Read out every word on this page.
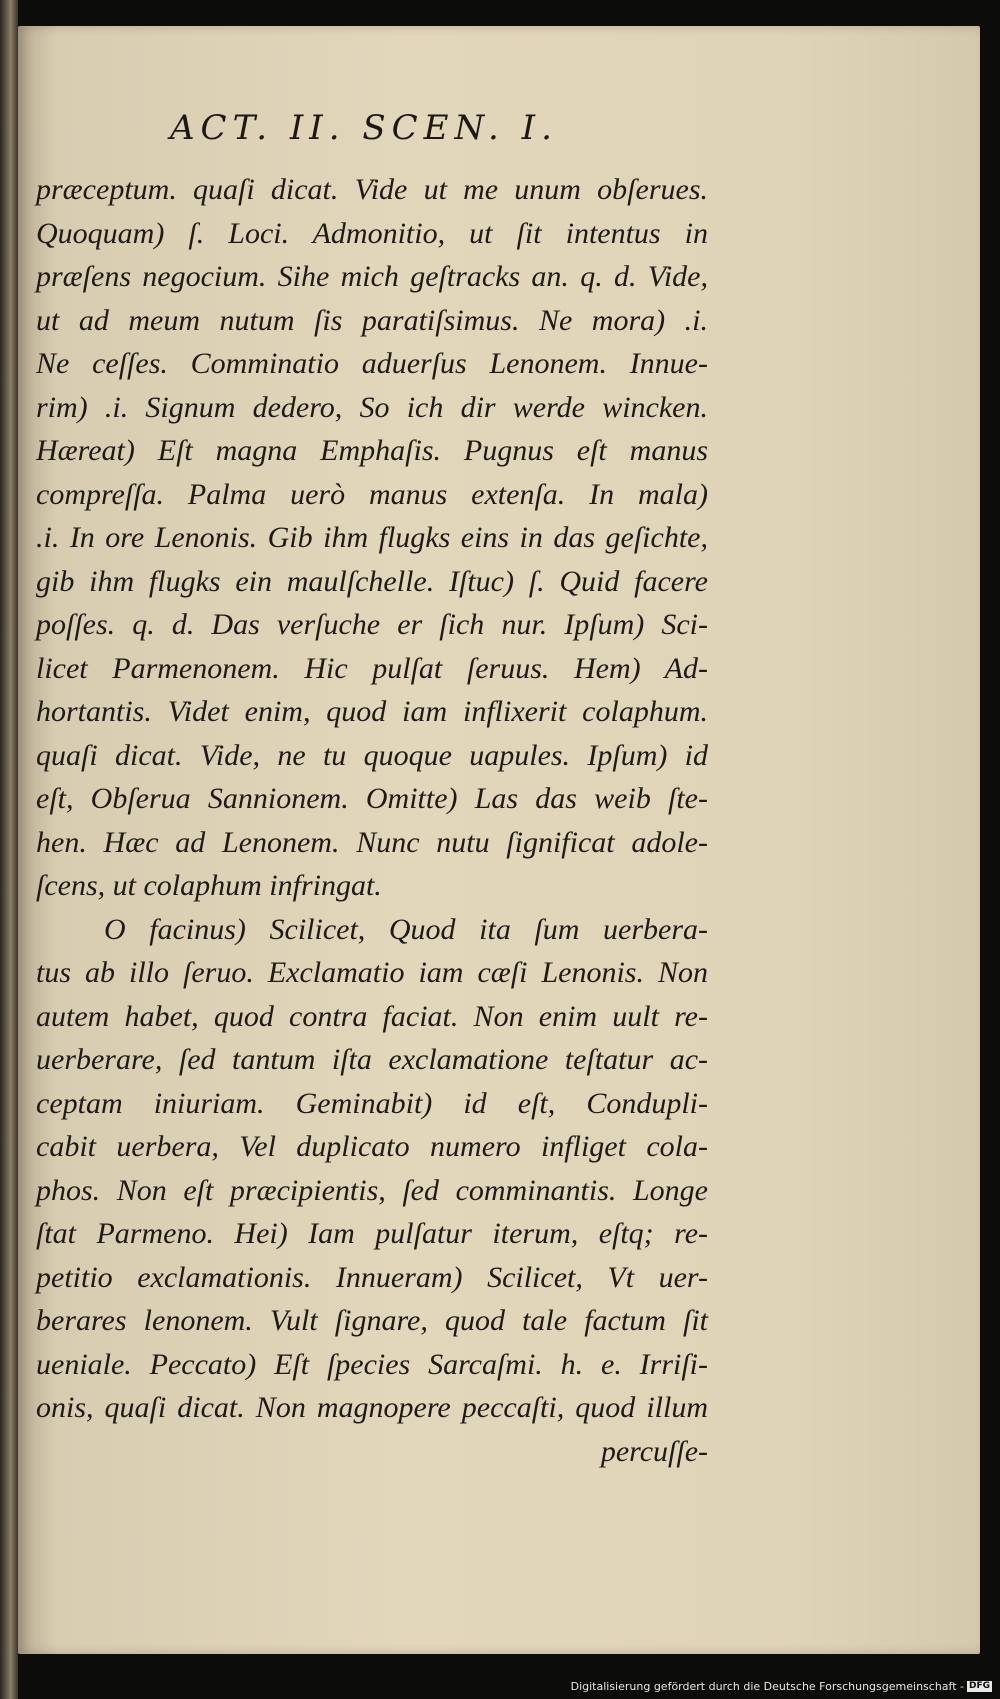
ACT. II. SCEN. I.
præceptum. quaſi dicat. Vide ut me unum obſerues.
Quoquam) ſ. Loci. Admonitio, ut ſit intentus in
præſens negocium. Sihe mich geſtracks an. q. d. Vide,
ut ad meum nutum ſis paratiſsimus. Ne mora) .i.
Ne ceſſes. Comminatio aduerſus Lenonem. Innue-
rim) .i. Signum dedero, So ich dir werde wincken.
Hæreat) Eſt magna Emphaſis. Pugnus eſt manus
compreſſa. Palma uerò manus extenſa. In mala)
.i. In ore Lenonis. Gib ihm flugks eins in das geſichte,
gib ihm flugks ein maulſchelle. Iſtuc) ſ. Quid facere
poſſes. q. d. Das verſuche er ſich nur. Ipſum) Sci-
licet Parmenonem. Hic pulſat ſeruus. Hem) Ad-
hortantis. Videt enim, quod iam inflixerit colaphum.
quaſi dicat. Vide, ne tu quoque uapules. Ipſum) id
eſt, Obſerua Sannionem. Omitte) Las das weib ſte-
hen. Hæc ad Lenonem. Nunc nutu ſignificat adole-
ſcens, ut colaphum infringat.
O facinus) Scilicet, Quod ita ſum uerbera-
tus ab illo ſeruo. Exclamatio iam cæſi Lenonis. Non
autem habet, quod contra faciat. Non enim uult re-
uerberare, ſed tantum iſta exclamatione teſtatur ac-
ceptam iniuriam. Geminabit) id eſt, Condupli-
cabit uerbera, Vel duplicato numero infliget cola-
phos. Non eſt præcipientis, ſed comminantis. Longe
ſtat Parmeno. Hei) Iam pulſatur iterum, eſtq; re-
petitio exclamationis. Innueram) Scilicet, Vt uer-
berares lenonem. Vult ſignare, quod tale factum ſit
ueniale. Peccato) Eſt ſpecies Sarcaſmi. h. e. Irriſi-
onis, quaſi dicat. Non magnopere peccaſti, quod illum
percuſſe-
Digitalisierung gefördert durch die Deutsche Forschungsgemeinschaft - DFG
